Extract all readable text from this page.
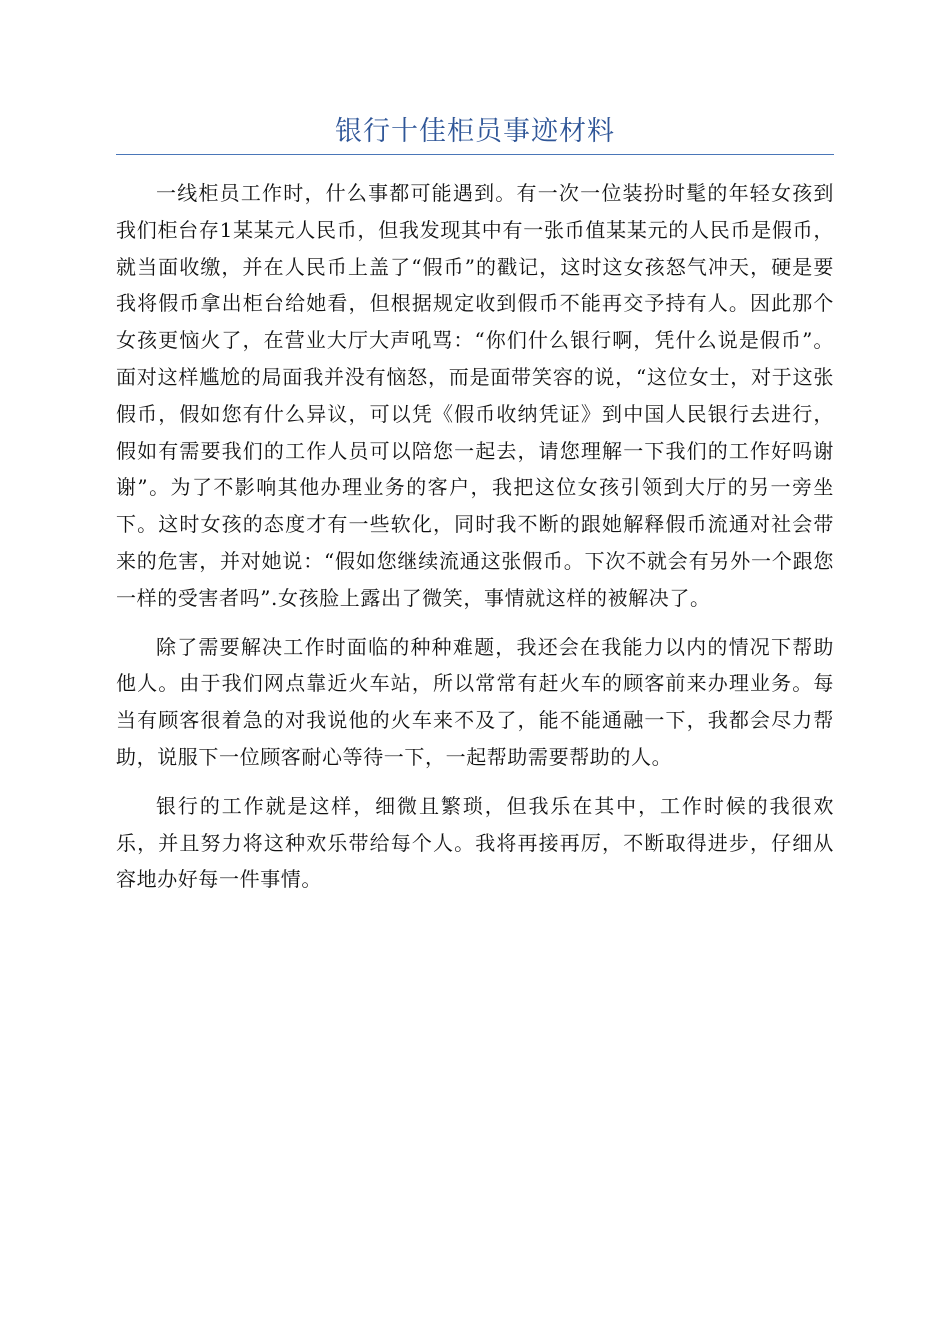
银行十佳柜员事迹材料

一线柜员工作时，什么事都可能遇到。有一次一位装扮时髦的年轻女孩到我们柜台存1某某元人民币，但我发现其中有一张币值某某元的人民币是假币，就当面收缴，并在人民币上盖了“假币”的戳记，这时这女孩怒气冲天，硬是要我将假币拿出柜台给她看，但根据规定收到假币不能再交予持有人。因此那个女孩更恼火了，在营业大厅大声吼骂：“你们什么银行啊，凭什么说是假币”。面对这样尴尬的局面我并没有恼怒，而是面带笑容的说，“这位女士，对于这张假币，假如您有什么异议，可以凭《假币收纳凭证》到中国人民银行去进行，假如有需要我们的工作人员可以陪您一起去，请您理解一下我们的工作好吗谢谢”。为了不影响其他办理业务的客户，我把这位女孩引领到大厅的另一旁坐下。这时女孩的态度才有一些软化，同时我不断的跟她解释假币流通对社会带来的危害，并对她说：“假如您继续流通这张假币。下次不就会有另外一个跟您一样的受害者吗”.女孩脸上露出了微笑，事情就这样的被解决了。

除了需要解决工作时面临的种种难题，我还会在我能力以内的情况下帮助他人。由于我们网点靠近火车站，所以常常有赶火车的顾客前来办理业务。每当有顾客很着急的对我说他的火车来不及了，能不能通融一下，我都会尽力帮助，说服下一位顾客耐心等待一下，一起帮助需要帮助的人。

银行的工作就是这样，细微且繁琐，但我乐在其中，工作时候的我很欢乐，并且努力将这种欢乐带给每个人。我将再接再厉，不断取得进步，仔细从容地办好每一件事情。
